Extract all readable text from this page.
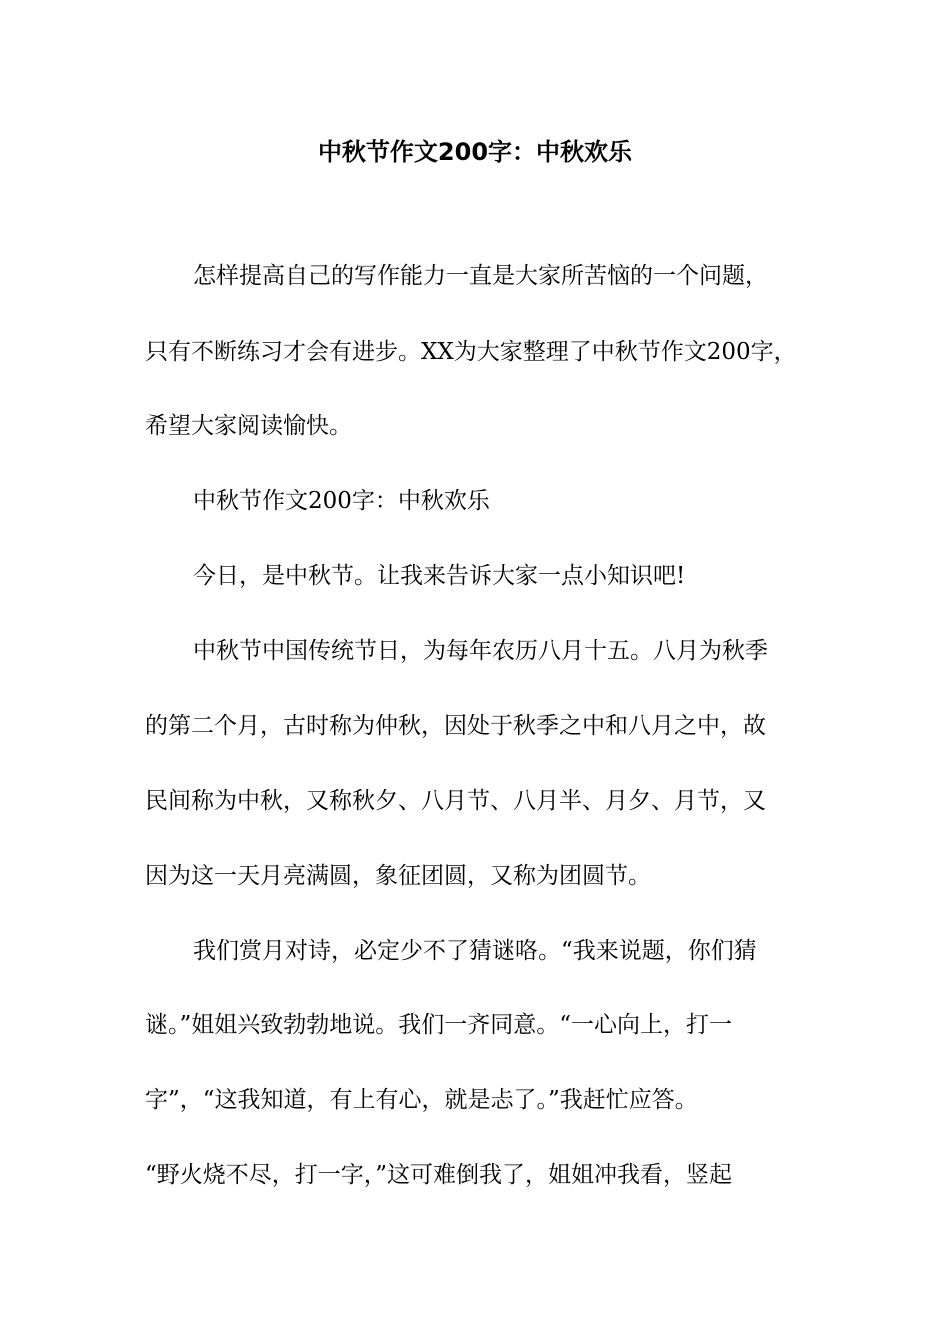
中秋节作文200字：中秋欢乐

怎样提高自己的写作能力一直是大家所苦恼的一个问题，

只有不断练习才会有进步。XX为大家整理了中秋节作文200字，

希望大家阅读愉快。

中秋节作文200字：中秋欢乐

今日，是中秋节。让我来告诉大家一点小知识吧!

中秋节中国传统节日，为每年农历八月十五。八月为秋季

的第二个月，古时称为仲秋，因处于秋季之中和八月之中，故

民间称为中秋，又称秋夕、八月节、八月半、月夕、月节，又

因为这一天月亮满圆，象征团圆，又称为团圆节。

我们赏月对诗，必定少不了猜谜咯。“我来说题，你们猜

谜。”姐姐兴致勃勃地说。我们一齐同意。“一心向上，打一

字”，“这我知道，有上有心，就是忐了。”我赶忙应答。

“野火烧不尽，打一字，”这可难倒我了，姐姐冲我看，竖起
